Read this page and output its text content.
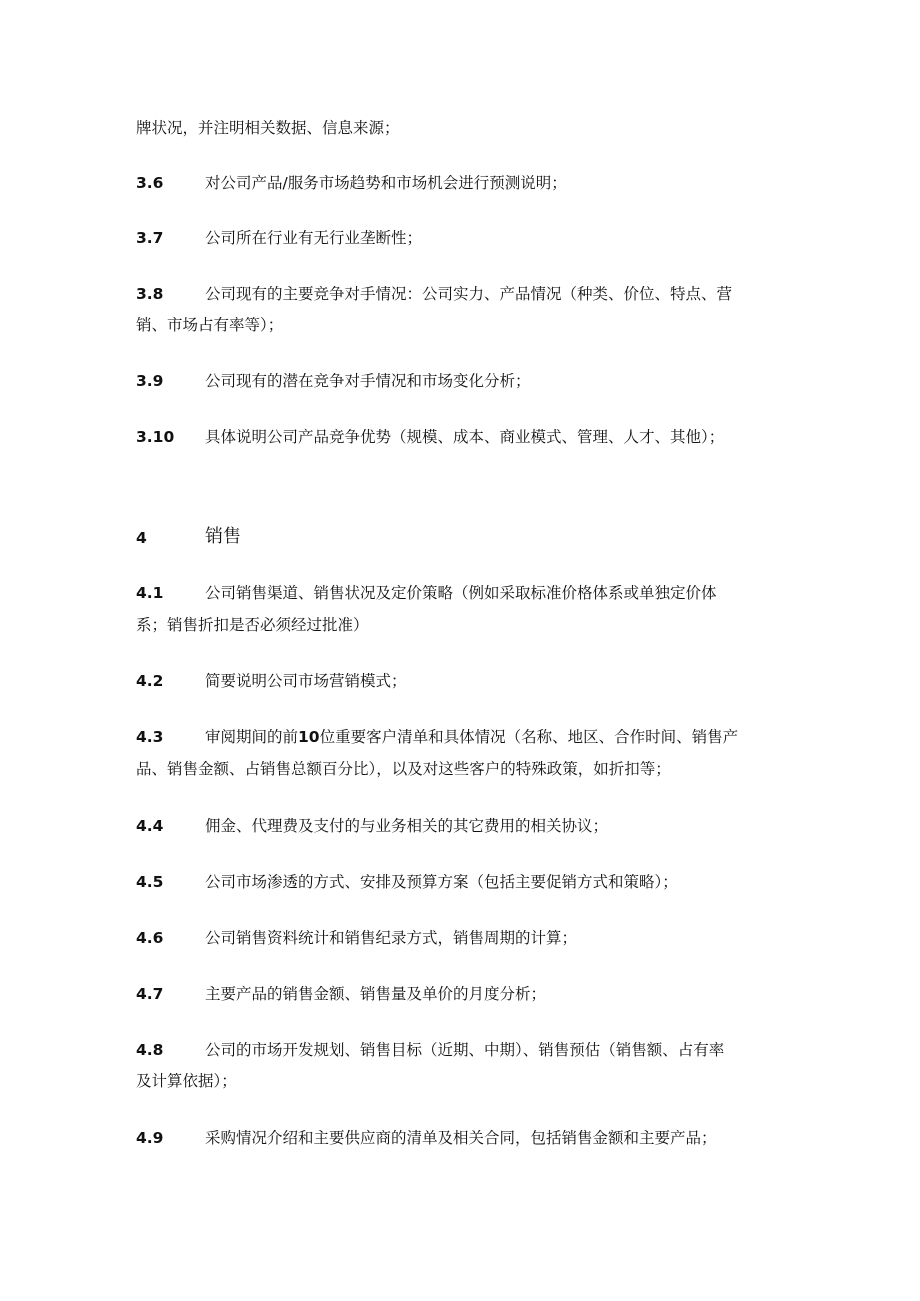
牌状况，并注明相关数据、信息来源；
3.6	对公司产品/服务市场趋势和市场机会进行预测说明；
3.7	公司所在行业有无行业垄断性；
3.8	公司现有的主要竞争对手情况：公司实力、产品情况（种类、价位、特点、营
销、市场占有率等）；
3.9	公司现有的潜在竞争对手情况和市场变化分析；
3.10 具体说明公司产品竞争优势（规模、成本、商业模式、管理、人才、其他）；
4	销售
4.1	公司销售渠道、销售状况及定价策略（例如采取标准价格体系或单独定价体
系；销售折扣是否必须经过批准）
4.2	简要说明公司市场营销模式；
4.3	审阅期间的前10位重要客户清单和具体情况（名称、地区、合作时间、销售产
品、销售金额、占销售总额百分比），以及对这些客户的特殊政策，如折扣等；
4.4	佣金、代理费及支付的与业务相关的其它费用的相关协议；
4.5	公司市场渗透的方式、安排及预算方案（包括主要促销方式和策略）；
4.6	公司销售资料统计和销售纪录方式，销售周期的计算；
4.7	主要产品的销售金额、销售量及单价的月度分析；
4.8	公司的市场开发规划、销售目标（近期、中期）、销售预估（销售额、占有率
及计算依据）；
4.9	采购情况介绍和主要供应商的清单及相关合同，包括销售金额和主要产品；
